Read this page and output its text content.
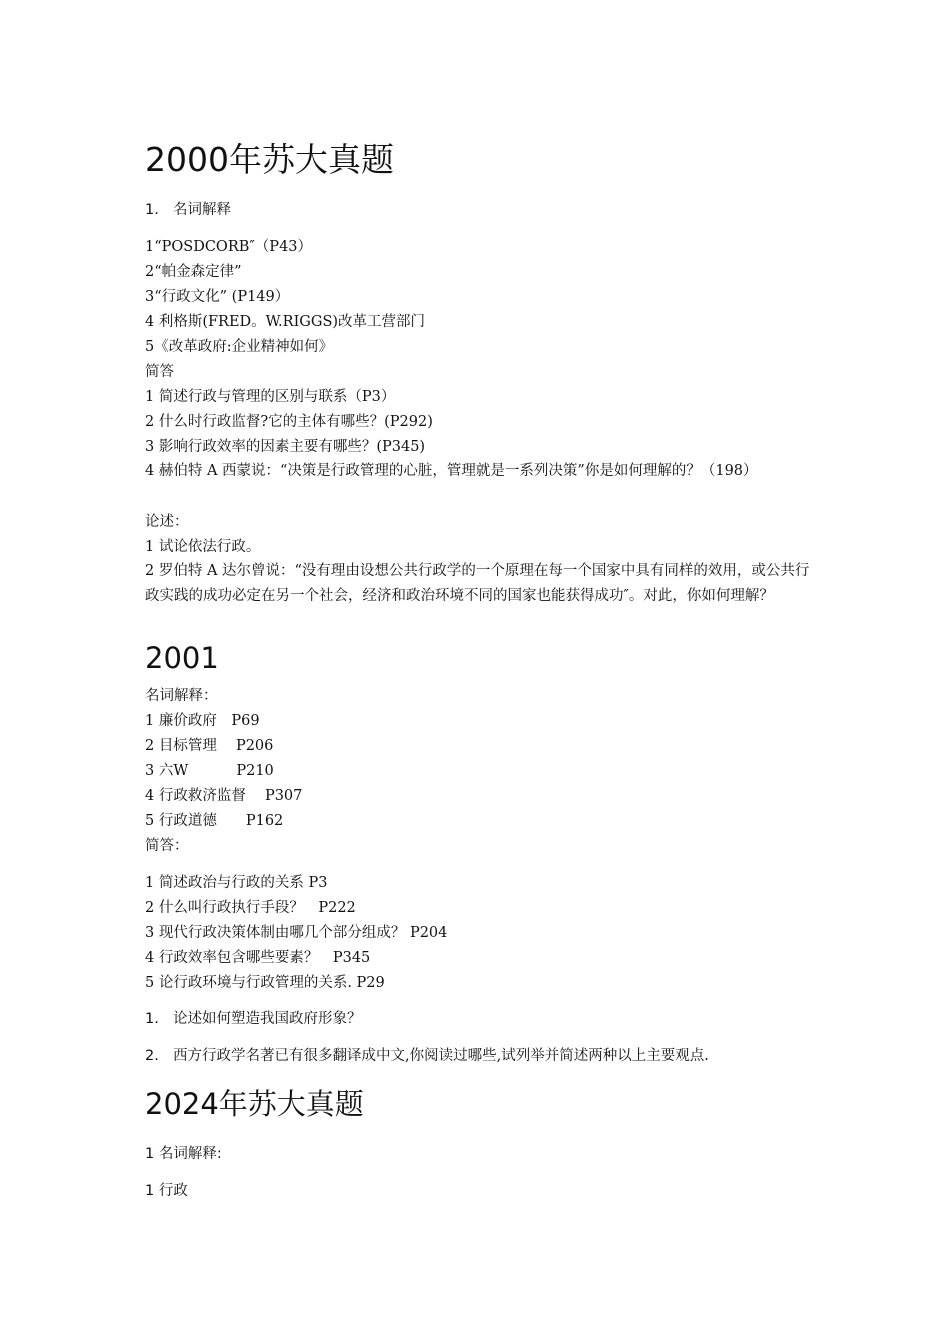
2000年苏大真题
1. 名词解释
1“POSDCORB″（P43）
2“帕金森定律”
3“行政文化” (P149）
4 利格斯(FRED。W.RIGGS)改革工营部门
5《改革政府:企业精神如何》
简答
1 简述行政与管理的区别与联系（P3）
2 什么时行政监督?它的主体有哪些？(P292)
3 影响行政效率的因素主要有哪些？(P345)
4 赫伯特 A 西蒙说：“决策是行政管理的心脏，管理就是一系列决策”你是如何理解的？（198）
论述：
1 试论依法行政。
2 罗伯特 A 达尔曾说：“没有理由设想公共行政学的一个原理在每一个国家中具有同样的效用，或公共行政实践的成功必定在另一个社会，经济和政治环境不同的国家也能获得成功″。对此，你如何理解？
2001
名词解释：
1 廉价政府　P69
2 目标管理　 P206
3 六W　　　 P210
4 行政救济监督　 P307
5 行政道德　　P162
简答：
1 简述政治与行政的关系 P3
2 什么叫行政执行手段？　P222
3 现代行政决策体制由哪几个部分组成？ P204
4 行政效率包含哪些要素？　P345
5 论行政环境与行政管理的关系. P29
1. 论述如何塑造我国政府形象？
2. 西方行政学名著已有很多翻译成中文,你阅读过哪些,试列举并简述两种以上主要观点.
2024年苏大真题
1 名词解释:
1 行政
